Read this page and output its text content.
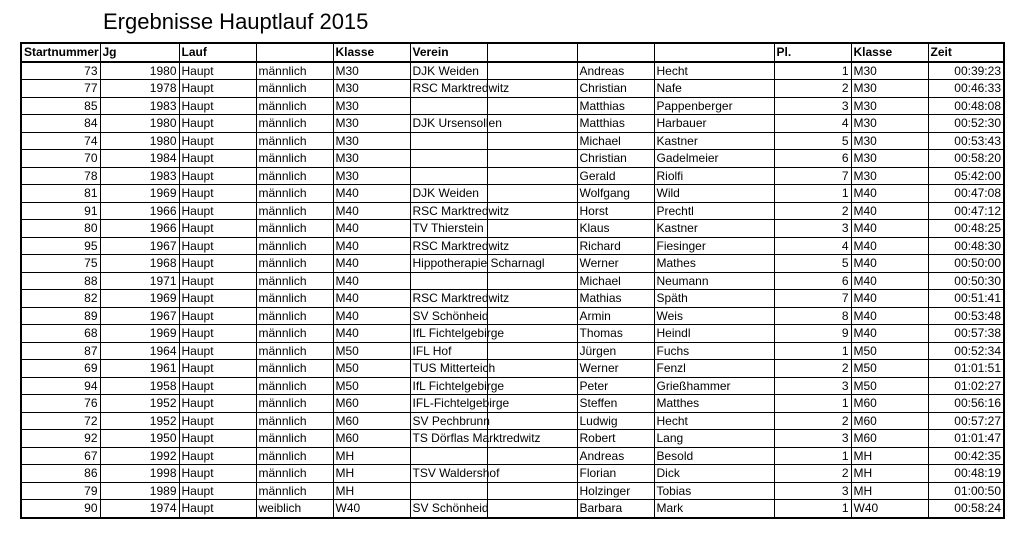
Ergebnisse Hauptlauf 2015
Startnummer	Jg	Lauf		Klasse	Verein				Pl.	Klasse	Zeit
73	1980	Haupt	männlich	M30	DJK Weiden		Andreas	Hecht	1	M30	00:39:23
77	1978	Haupt	männlich	M30	RSC Marktredwitz		Christian	Nafe	2	M30	00:46:33
85	1983	Haupt	männlich	M30			Matthias	Pappenberger	3	M30	00:48:08
84	1980	Haupt	männlich	M30	DJK Ursensollen		Matthias	Harbauer	4	M30	00:52:30
74	1980	Haupt	männlich	M30			Michael	Kastner	5	M30	00:53:43
70	1984	Haupt	männlich	M30			Christian	Gadelmeier	6	M30	00:58:20
78	1983	Haupt	männlich	M30			Gerald	Riolfi	7	M30	05:42:00
81	1969	Haupt	männlich	M40	DJK Weiden		Wolfgang	Wild	1	M40	00:47:08
91	1966	Haupt	männlich	M40	RSC Marktredwitz		Horst	Prechtl	2	M40	00:47:12
80	1966	Haupt	männlich	M40	TV Thierstein		Klaus	Kastner	3	M40	00:48:25
95	1967	Haupt	männlich	M40	RSC Marktredwitz		Richard	Fiesinger	4	M40	00:48:30
75	1968	Haupt	männlich	M40	Hippotherapie Scharnagl		Werner	Mathes	5	M40	00:50:00
88	1971	Haupt	männlich	M40			Michael	Neumann	6	M40	00:50:30
82	1969	Haupt	männlich	M40	RSC Marktredwitz		Mathias	Späth	7	M40	00:51:41
89	1967	Haupt	männlich	M40	SV Schönheid		Armin	Weis	8	M40	00:53:48
68	1969	Haupt	männlich	M40	IfL Fichtelgebirge		Thomas	Heindl	9	M40	00:57:38
87	1964	Haupt	männlich	M50	IFL Hof		Jürgen	Fuchs	1	M50	00:52:34
69	1961	Haupt	männlich	M50	TUS Mitterteich		Werner	Fenzl	2	M50	01:01:51
94	1958	Haupt	männlich	M50	IfL Fichtelgebirge		Peter	Grießhammer	3	M50	01:02:27
76	1952	Haupt	männlich	M60	IFL-Fichtelgebirge		Steffen	Matthes	1	M60	00:56:16
72	1952	Haupt	männlich	M60	SV Pechbrunn		Ludwig	Hecht	2	M60	00:57:27
92	1950	Haupt	männlich	M60	TS Dörflas Marktredwitz		Robert	Lang	3	M60	01:01:47
67	1992	Haupt	männlich	MH			Andreas	Besold	1	MH	00:42:35
86	1998	Haupt	männlich	MH	TSV Waldershof		Florian	Dick	2	MH	00:48:19
79	1989	Haupt	männlich	MH			Holzinger	Tobias	3	MH	01:00:50
90	1974	Haupt	weiblich	W40	SV Schönheid		Barbara	Mark	1	W40	00:58:24
